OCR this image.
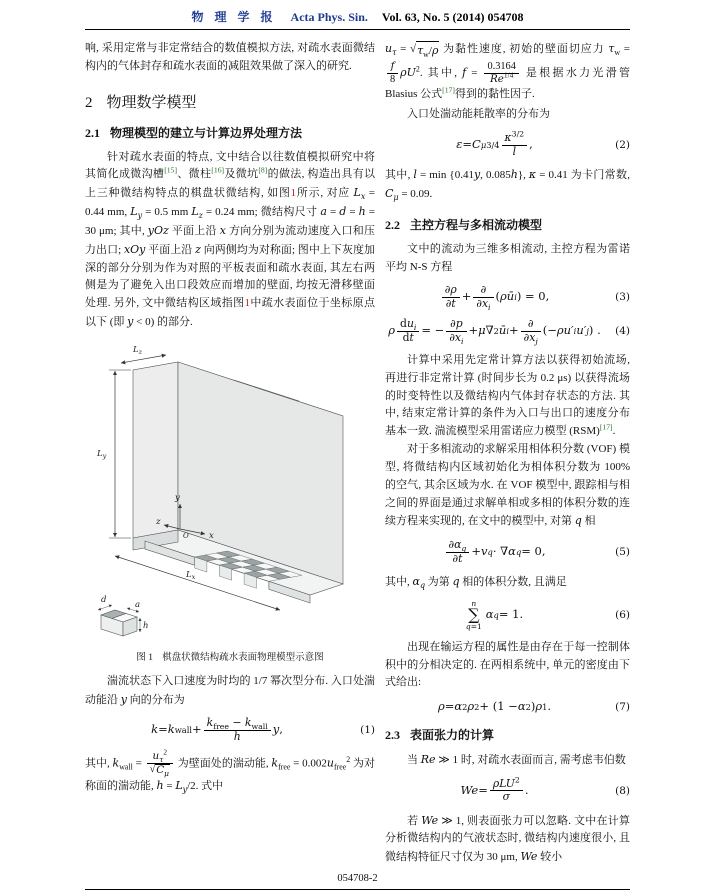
物 理 学 报 Acta Phys. Sin. Vol. 63, No. 5 (2014) 054708

响, 采用定常与非定常结合的数值模拟方法, 对疏水表面微结构内的气体封存和疏水表面的减阻效果做了深入的研究.

2 物理数学模型
2.1 物理模型的建立与计算边界处理方法

针对疏水表面的特点, 文中结合以往数值模拟研究中将其简化成微沟槽[15]、微柱[16]及微坑[8]的做法, 构造出具有以上三种微结构特点的棋盘状微结构, 如图1所示, 对应 $L_x = 0.44$ mm, $L_y = 0.5$ mm $L_z = 0.24$ mm; 微结构尺寸 a = d = h = 30 μm; 其中, yOz 平面上沿 x 方向分别为流动速度入口和压力出口; xOy 平面上沿 z 向两侧均为对称面; 图中上下灰度加深的部分分别为作为对照的平板表面和疏水表面, 其左右两侧是为了避免入出口段效应而增加的壁面, 均按无滑移壁面处理. 另外, 文中微结构区域指图1中疏水表面位于坐标原点以下 (即 y < 0) 的部分.

$L_z$
$L_y$
$L_x$
y
x
z
O
d	a
h
图 1 棋盘状微结构疏水表面物理模型示意图

湍流状态下入口速度为时均的 1/7 幂次型分布. 入口处湍动能沿 y 向的分布为

k = k wall + $\frac{k_{free} - k_{wall}}{h}$ y ,	(1)

其中, $k_{wall} = \frac{u_\tau^2}{√ C_\mu}$ 为壁面处的湍动能, $k_{free} = 0.002u_{free}^2$ 为对称面的湍动能, $h = L_y/2$. 式中

$u_\tau$ = √ $\tau_w/\rho$ 为黏性速度, 初始的壁面切应力 $\tau_w$ =
$\frac{f}{8} \rho U^2$. 其中, $f = \frac{0.3164}{Re^{1/4}}$ 是根据水力光滑管 Blasius 公式[17]得到的黏性因子.

入口处湍动能耗散率的分布为

ε = C μ $3/4 \frac{\kappa^{3/2}}{l}$ ,	(2)

其中, l = min {0.41y, 0.085h}, κ = 0.41 为卡门常数, $C_\mu = 0.09$.

2.2 主控方程与多相流动模型

文中的流动为三维多相流动, 主控方程为雷诺平均 N-S 方程

$\frac{\partial\rho}{\partial t} + \frac{\partial}{\partial x_i}$ ( ρū i ) = 0,	(3)
ρ $\frac{du_i}{dt}$ = − $\frac{\partial p}{\partial x_i} + \mu$ ∇ 2 ū $i + \frac{\partial}{\partial x_j}$ (− ρu′ i u′ j ) .	(4)

计算中采用先定常计算方法以获得初始流场, 再进行非定常计算 (时间步长为 0.2 μs) 以获得流场的时变特性以及微结构内气体封存状态的方法. 其中, 结束定常计算的条件为入口与出口的速度分布基本一致. 湍流模型采用雷诺应力模型 (RSM)[17].

对于多相流动的求解采用相体积分数 (VOF) 模型, 将微结构内区域初始化为相体积分数为 100% 的空气, 其余区域为水. 在 VOF 模型中, 跟踪相与相之间的界面是通过求解单相或多相的体积分数的连续方程来实现的, 在文中的模型中, 对第 q 相

$\frac{\partial\alpha_q}{\partial t} + v$ q · ∇ α q = 0,	(5)

其中, $\alpha_q$ 为第 q 相的体积分数, 且满足

n
∑
q=1
α q = 1.	(6)

出现在输运方程的属性是由存在于每一控制体积中的分相决定的. 在两相系统中, 单元的密度由下式给出:

ρ = α 2 ρ 2 + (1 − α 2 ) ρ 1 .	(7)
2.3 表面张力的计算

当 Re ≫ 1 时, 对疏水表面而言, 需考虑韦伯数

$We = \frac{\rho LU^2}{\sigma}$ .	(8)

若 We ≫ 1, 则表面张力可以忽略. 文中在计算分析微结构内的气液状态时, 微结构内速度很小, 且微结构特征尺寸仅为 30 μm, We 较小

054708-2
